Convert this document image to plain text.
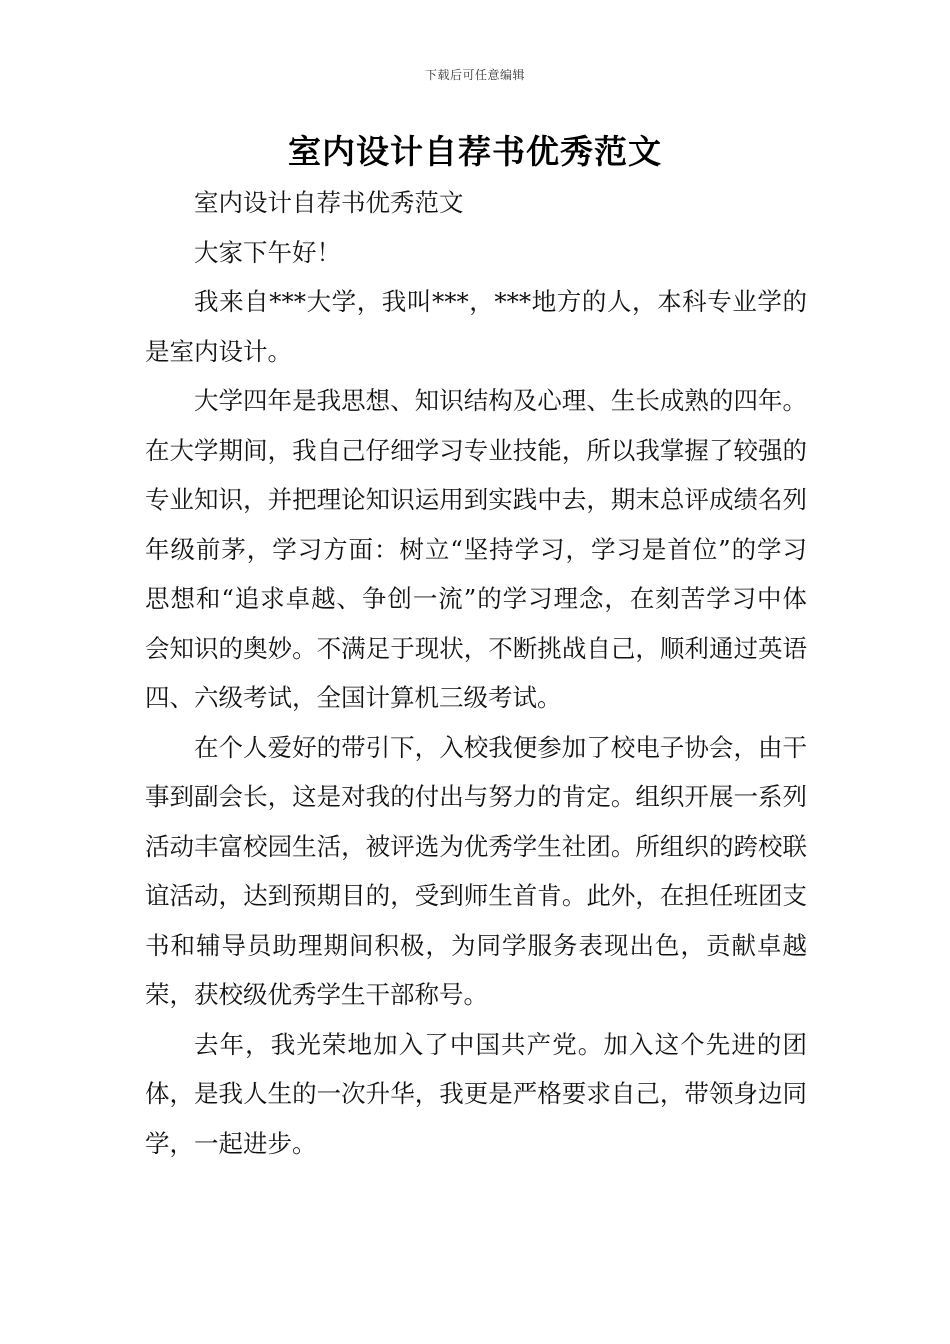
下载后可任意编辑
室内设计自荐书优秀范文

室内设计自荐书优秀范文

大家下午好！

我来自***大学，我叫***，***地方的人，本科专业学的是室内设计。

大学四年是我思想、知识结构及心理、生长成熟的四年。在大学期间，我自己仔细学习专业技能，所以我掌握了较强的专业知识，并把理论知识运用到实践中去，期末总评成绩名列年级前茅，学习方面：树立“坚持学习，学习是首位”的学习思想和“追求卓越、争创一流”的学习理念，在刻苦学习中体会知识的奥妙。不满足于现状，不断挑战自己，顺利通过英语四、六级考试，全国计算机三级考试。

在个人爱好的带引下，入校我便参加了校电子协会，由干事到副会长，这是对我的付出与努力的肯定。组织开展一系列活动丰富校园生活，被评选为优秀学生社团。所组织的跨校联谊活动，达到预期目的，受到师生首肯。此外，在担任班团支书和辅导员助理期间积极，为同学服务表现出色，贡献卓越荣，获校级优秀学生干部称号。

去年，我光荣地加入了中国共产党。加入这个先进的团体，是我人生的一次升华，我更是严格要求自己，带领身边同学，一起进步。
